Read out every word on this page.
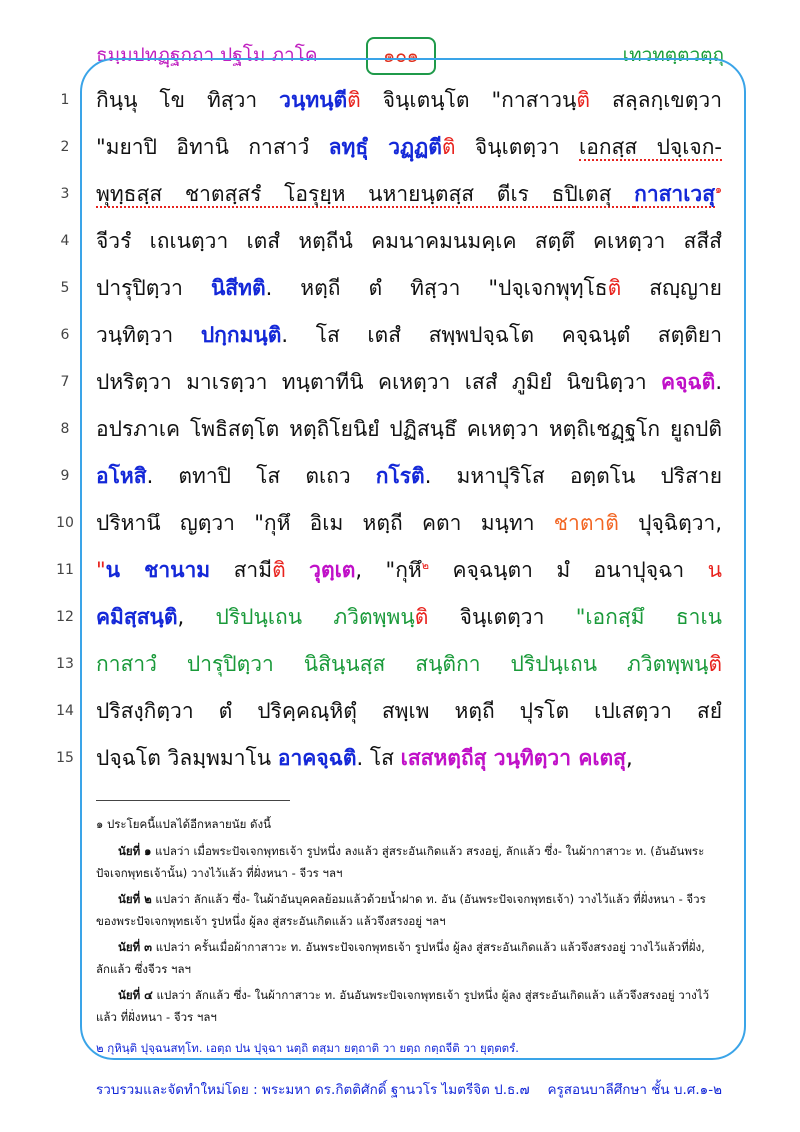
ธมฺมปทฏฺฐกถา ปฐโม ภาโค	๑๐๑	เทวทตฺตวตฺถุ
1	กินฺนุ โข ทิสฺวา วนฺทนฺตีติ จินฺเตนฺโต "กาสาวนฺติ สลฺลกฺเขตฺวา
2	"มยาปิ อิทานิ กาสาวํ ลทฺธุํ วฏฺฏตีติ จินฺเตตฺวา เอกสฺส ปจฺเจก-
3	พุทฺธสฺส ชาตสฺสรํ โอรุยฺห นหายนฺตสฺส ตีเร ธปิเตสุ กาสาเวสุ$^๑$
4	จีวรํ เถเนตฺวา เตสํ หตฺถีนํ คมนาคมนมคฺเค สตฺตึ คเหตฺวา สสีสํ
5	ปารุปิตฺวา นิสีทติ. หตฺถี ตํ ทิสฺวา "ปจฺเจกพุทฺโธติ สญฺญาย
6	วนฺทิตฺวา ปกฺกมนฺติ. โส เตสํ สพฺพปจฺฉโต คจฺฉนฺตํ สตฺติยา
7	ปหริตฺวา มาเรตฺวา ทนฺตาทีนิ คเหตฺวา เสสํ ภูมิยํ นิขนิตฺวา คจฺฉติ.
8	อปรภาเค โพธิสตฺโต หตฺถิโยนิยํ ปฏิสนฺธึ คเหตฺวา หตฺถิเชฏฺฐโก ยูถปติ
9	อโหสิ. ตทาปิ โส ตเถว กโรติ. มหาปุริโส อตฺตโน ปริสาย
10 ปริหานึ ญตฺวา "กุหึ อิเม หตฺถี คตา มนฺทา ชาตาติ ปุจฺฉิตฺวา,
11 "น ชานาม สามีติ วุตฺเต, "กุหึ$^๒$ คจฺฉนฺตา มํ อนาปุจฺฉา น
12 คมิสฺสนฺติ, ปริปนฺเถน ภวิตพฺพนฺติ จินฺเตตฺวา "เอกสฺมึ ธาเน
13 กาสาวํ ปารุปิตฺวา นิสินฺนสฺส สนฺติกา ปริปนฺเถน ภวิตพฺพนฺติ
14 ปริสงฺกิตฺวา ตํ ปริคฺคณฺหิตุํ สพฺเพ หตฺถี ปุรโต เปเสตฺวา สยํ
15 ปจฺฉโต วิลมฺพมาโน อาคจฺฉติ. โส เสสหตฺถีสุ วนฺทิตฺวา คเตสุ,
๑ ประโยคนี้แปลได้อีกหลายนัย ดังนี้
นัยที่ ๑ แปลว่า เมื่อพระปัจเจกพุทธเจ้า รูปหนึ่ง ลงแล้ว สู่สระอันเกิดแล้ว สรงอยู่, ลักแล้ว ซึ่ง- ในผ้ากาสาวะ ท. (อันอันพระปัจเจกพุทธเจ้านั้น) วางไว้แล้ว ที่ฝั่งหนา - จีวร ฯลฯ
นัยที่ ๒ แปลว่า ลักแล้ว ซึ่ง- ในผ้าอันบุคคลย้อมแล้วด้วยน้ำฝาด ท. อัน (อันพระปัจเจกพุทธเจ้า) วางไว้แล้ว ที่ฝั่งหนา - จีวร ของพระปัจเจกพุทธเจ้า รูปหนึ่ง ผู้ลง สู่สระอันเกิดแล้ว แล้วจึงสรงอยู่ ฯลฯ
นัยที่ ๓ แปลว่า ครั้นเมื่อผ้ากาสาวะ ท. อันพระปัจเจกพุทธเจ้า รูปหนึ่ง ผู้ลง สู่สระอันเกิดแล้ว แล้วจึงสรงอยู่ วางไว้แล้วที่ฝั่ง, ลักแล้ว ซึ่งจีวร ฯลฯ
นัยที่ ๔ แปลว่า ลักแล้ว ซึ่ง- ในผ้ากาสาวะ ท. อันอันพระปัจเจกพุทธเจ้า รูปหนึ่ง ผู้ลง สู่สระอันเกิดแล้ว แล้วจึงสรงอยู่ วางไว้แล้ว ที่ฝั่งหนา - จีวร ฯลฯ
๒ กุหินฺติ ปุจฺฉนสทฺโท. เอตฺถ ปน ปุจฺฉา นตฺถิ ตสฺมา ยตฺถาติ วา ยตฺถ กตฺถจีติ วา ยุตฺตตรํ.
รวบรวมและจัดทำใหม่โดย : พระมหา ดร.กิตติศักดิ์ ฐานวโร ไมตรีจิต ป.ธ.๗ ครูสอนบาลีศึกษา ชั้น บ.ศ.๑-๒
